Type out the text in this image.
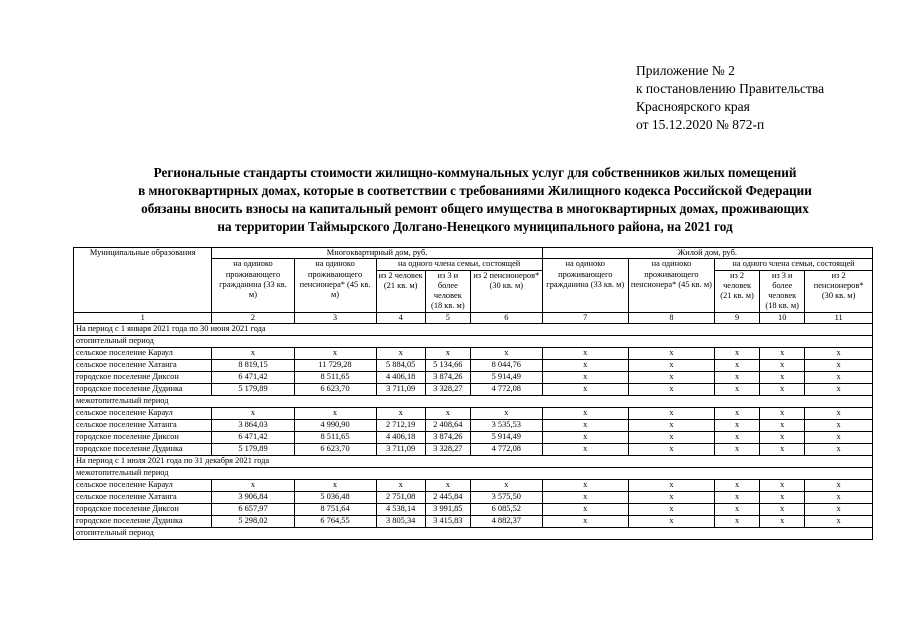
Приложение № 2
к постановлению Правительства
Красноярского края
от 15.12.2020 № 872-п
Региональные стандарты стоимости жилищно-коммунальных услуг для собственников жилых помещений
в многоквартирных домах, которые в соответствии с требованиями Жилищного кодекса Российской Федерации
обязаны вносить взносы на капитальный ремонт общего имущества в многоквартирных домах, проживающих
на территории Таймырского Долгано-Ненецкого муниципального района, на 2021 год
Муниципальные образования	Многоквартирный дом, руб.					Жилой дом, руб.				
	на одиноко проживающего гражданина (33 кв. м)	на одиноко проживающего пенсионера* (45 кв. м)	на одного члена семьи, состоящей			на одиноко проживающего гражданина (33 кв. м)	на одиноко проживающего пенсионера* (45 кв. м)	на одного члена семьи, состоящей		
			из 2 человек (21 кв. м)	из 3 и более человек (18 кв. м)	из 2 пенсионеров* (30 кв. м)			из 2 человек (21 кв. м)	из 3 и более человек (18 кв. м)	из 2 пенсионеров* (30 кв. м)
1	2	3	4	5	6	7	8	9	10	11
На период с 1 января 2021 года по 30 июня 2021 года										
отопительный период										
сельское поселение Караул	x	x	x	x	x	x	x	x	x	x
сельское поселение Хатанга	8 819,15	11 729,28	5 884,05	5 134,66	8 044,76	x	x	x	x	x
городское поселение Диксон	6 471,42	8 511,65	4 406,18	3 874,26	5 914,49	x	x	x	x	x
городское поселение Дудинка	5 179,89	6 623,70	3 711,09	3 328,27	4 772,08	x	x	x	x	x
межотопительный период										
сельское поселение Караул	x	x	x	x	x	x	x	x	x	x
сельское поселение Хатанга	3 864,03	4 990,90	2 712,19	2 408,64	3 535,53	x	x	x	x	x
городское поселение Диксон	6 471,42	8 511,65	4 406,18	3 874,26	5 914,49	x	x	x	x	x
городское поселение Дудинка	5 179,89	6 623,70	3 711,09	3 328,27	4 772,08	x	x	x	x	x
На период с 1 июля 2021 года по 31 декабря 2021 года										
межотопительный период										
сельское поселение Караул	x	x	x	x	x	x	x	x	x	x
сельское поселение Хатанга	3 906,84	5 036,48	2 751,08	2 445,84	3 575,50	x	x	x	x	x
городское поселение Диксон	6 657,97	8 751,64	4 538,14	3 991,85	6 085,52	x	x	x	x	x
городское поселение Дудинка	5 298,02	6 764,55	3 805,34	3 415,83	4 882,37	x	x	x	x	x
отопительный период										
